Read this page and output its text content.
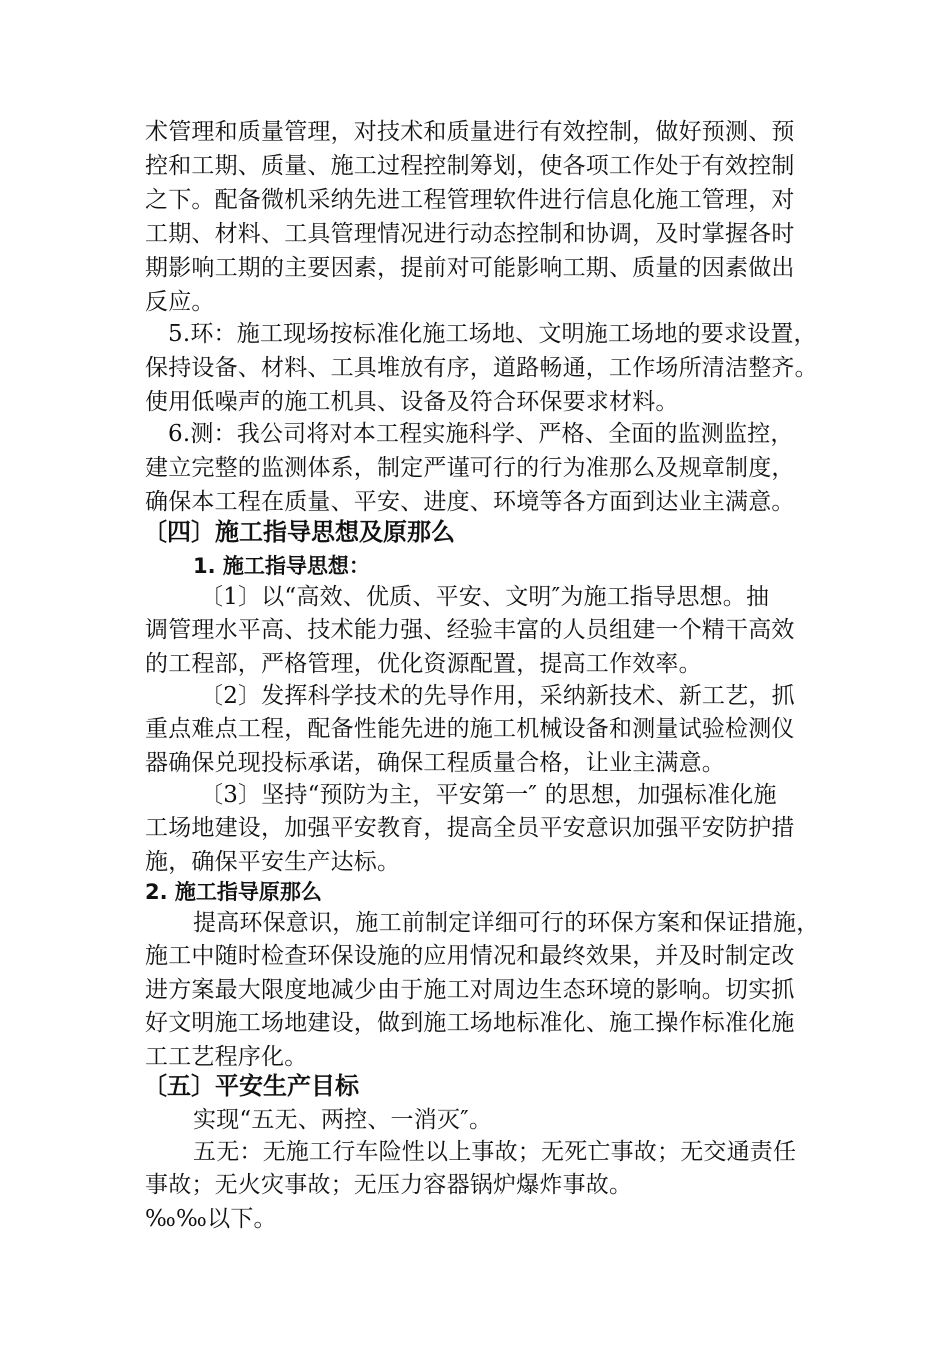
术管理和质量管理，对技术和质量进行有效控制，做好预测、预

控和工期、质量、施工过程控制筹划，使各项工作处于有效控制

之下。配备微机采纳先进工程管理软件进行信息化施工管理，对

工期、材料、工具管理情况进行动态控制和协调，及时掌握各时

期影响工期的主要因素，提前对可能影响工期、质量的因素做出

反应。

5.环：施工现场按标准化施工场地、文明施工场地的要求设置，

保持设备、材料、工具堆放有序，道路畅通，工作场所清洁整齐。

使用低噪声的施工机具、设备及符合环保要求材料。

6.测：我公司将对本工程实施科学、严格、全面的监测监控，

建立完整的监测体系，制定严谨可行的行为准那么及规章制度，

确保本工程在质量、平安、进度、环境等各方面到达业主满意。

〔四〕施工指导思想及原那么

1. 施工指导思想：

〔1〕以“高效、优质、平安、文明″为施工指导思想。抽

调管理水平高、技术能力强、经验丰富的人员组建一个精干高效

的工程部，严格管理，优化资源配置，提高工作效率。

〔2〕发挥科学技术的先导作用，采纳新技术、新工艺，抓

重点难点工程，配备性能先进的施工机械设备和测量试验检测仪

器确保兑现投标承诺，确保工程质量合格，让业主满意。

〔3〕坚持“预防为主，平安第一″ 的思想，加强标准化施

工场地建设，加强平安教育，提高全员平安意识加强平安防护措

施，确保平安生产达标。

2. 施工指导原那么

提高环保意识，施工前制定详细可行的环保方案和保证措施，

施工中随时检查环保设施的应用情况和最终效果，并及时制定改

进方案最大限度地减少由于施工对周边生态环境的影响。切实抓

好文明施工场地建设，做到施工场地标准化、施工操作标准化施

工工艺程序化。

〔五〕平安生产目标

实现“五无、两控、一消灭″。

五无：无施工行车险性以上事故；无死亡事故；无交通责任

事故；无火灾事故；无压力容器锅炉爆炸事故。

‰‰以下。
